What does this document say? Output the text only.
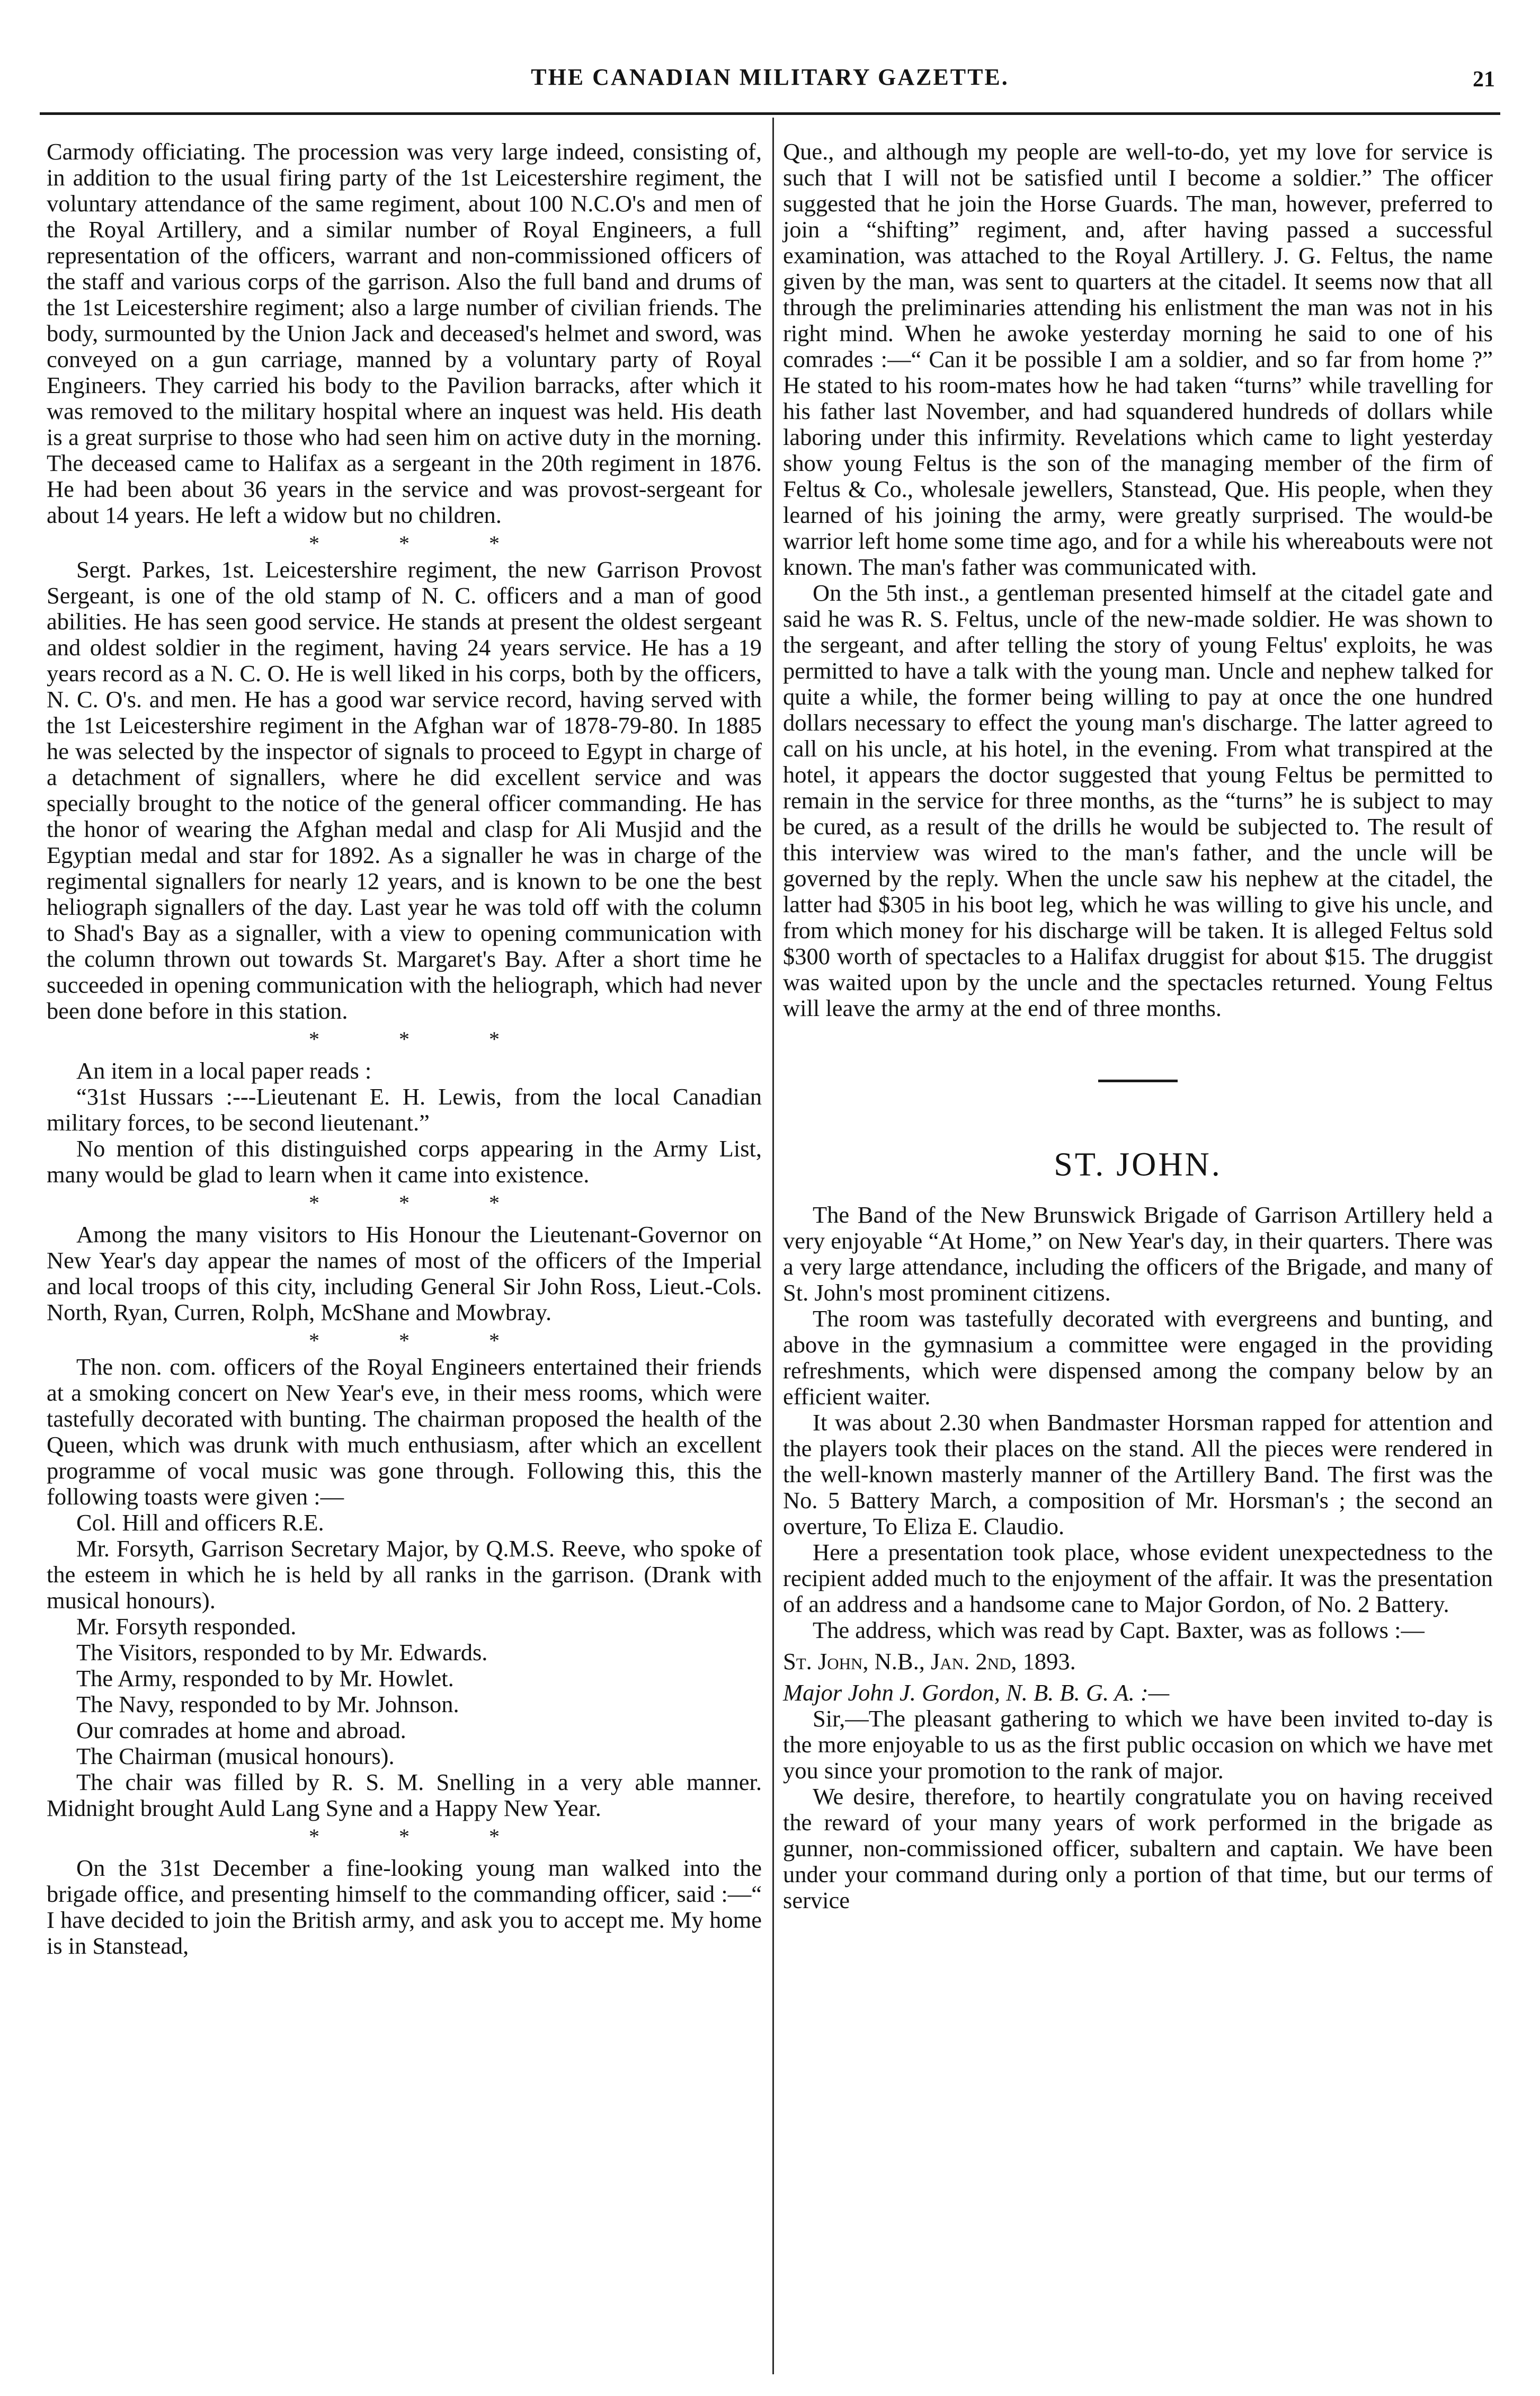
THE CANADIAN MILITARY GAZETTE.	21

Carmody officiating. The procession was very large indeed, consisting of, in addition to the usual firing party of the 1st Leicestershire regiment, the voluntary attendance of the same regiment, about 100 N.C.O's and men of the Royal Artillery, and a similar number of Royal Engineers, a full representation of the officers, warrant and non-commissioned officers of the staff and various corps of the garrison. Also the full band and drums of the 1st Leicestershire regiment; also a large number of civilian friends. The body, surmounted by the Union Jack and deceased's helmet and sword, was conveyed on a gun carriage, manned by a voluntary party of Royal Engineers. They carried his body to the Pavilion barracks, after which it was removed to the military hospital where an inquest was held. His death is a great surprise to those who had seen him on active duty in the morning. The deceased came to Halifax as a sergeant in the 20th regiment in 1876. He had been about 36 years in the service and was provost-sergeant for about 14 years. He left a widow but no children.

* * *

Sergt. Parkes, 1st. Leicestershire regiment, the new Garrison Provost Sergeant, is one of the old stamp of N. C. officers and a man of good abilities. He has seen good service. He stands at present the oldest sergeant and oldest soldier in the regiment, having 24 years service. He has a 19 years record as a N. C. O. He is well liked in his corps, both by the officers, N. C. O's. and men. He has a good war service record, having served with the 1st Leicestershire regiment in the Afghan war of 1878-79-80. In 1885 he was selected by the inspector of signals to proceed to Egypt in charge of a detachment of signallers, where he did excellent service and was specially brought to the notice of the general officer commanding. He has the honor of wearing the Afghan medal and clasp for Ali Musjid and the Egyptian medal and star for 1892. As a signaller he was in charge of the regimental signallers for nearly 12 years, and is known to be one the best heliograph signallers of the day. Last year he was told off with the column to Shad's Bay as a signaller, with a view to opening communication with the column thrown out towards St. Margaret's Bay. After a short time he succeeded in opening communication with the heliograph, which had never been done before in this station.

* * *

An item in a local paper reads :

“31st Hussars :---Lieutenant E. H. Lewis, from the local Canadian military forces, to be second lieutenant.”

No mention of this distinguished corps appearing in the Army List, many would be glad to learn when it came into existence.

* * *

Among the many visitors to His Honour the Lieutenant-Governor on New Year's day appear the names of most of the officers of the Imperial and local troops of this city, including General Sir John Ross, Lieut.-Cols. North, Ryan, Curren, Rolph, McShane and Mowbray.

* * *

The non. com. officers of the Royal Engineers entertained their friends at a smoking concert on New Year's eve, in their mess rooms, which were tastefully decorated with bunting. The chairman proposed the health of the Queen, which was drunk with much enthusiasm, after which an excellent programme of vocal music was gone through. Following this, this the following toasts were given :—

Col. Hill and officers R.E.

Mr. Forsyth, Garrison Secretary Major, by Q.M.S. Reeve, who spoke of the esteem in which he is held by all ranks in the garrison. (Drank with musical honours).

Mr. Forsyth responded.

The Visitors, responded to by Mr. Edwards.

The Army, responded to by Mr. Howlet.

The Navy, responded to by Mr. Johnson.

Our comrades at home and abroad.

The Chairman (musical honours).

The chair was filled by R. S. M. Snelling in a very able manner. Midnight brought Auld Lang Syne and a Happy New Year.

* * *

On the 31st December a fine-looking young man walked into the brigade office, and presenting himself to the commanding officer, said :—“ I have decided to join the British army, and ask you to accept me. My home is in Stanstead,

Que., and although my people are well-to-do, yet my love for service is such that I will not be satisfied until I become a soldier.” The officer suggested that he join the Horse Guards. The man, however, preferred to join a “shifting” regiment, and, after having passed a successful examination, was attached to the Royal Artillery. J. G. Feltus, the name given by the man, was sent to quarters at the citadel. It seems now that all through the preliminaries attending his enlistment the man was not in his right mind. When he awoke yesterday morning he said to one of his comrades :—“ Can it be possible I am a soldier, and so far from home ?” He stated to his room-mates how he had taken “turns” while travelling for his father last November, and had squandered hundreds of dollars while laboring under this infirmity. Revelations which came to light yesterday show young Feltus is the son of the managing member of the firm of Feltus & Co., wholesale jewellers, Stanstead, Que. His people, when they learned of his joining the army, were greatly surprised. The would-be warrior left home some time ago, and for a while his whereabouts were not known. The man's father was communicated with.

On the 5th inst., a gentleman presented himself at the citadel gate and said he was R. S. Feltus, uncle of the new-made soldier. He was shown to the sergeant, and after telling the story of young Feltus' exploits, he was permitted to have a talk with the young man. Uncle and nephew talked for quite a while, the former being willing to pay at once the one hundred dollars necessary to effect the young man's discharge. The latter agreed to call on his uncle, at his hotel, in the evening. From what transpired at the hotel, it appears the doctor suggested that young Feltus be permitted to remain in the service for three months, as the “turns” he is subject to may be cured, as a result of the drills he would be subjected to. The result of this interview was wired to the man's father, and the uncle will be governed by the reply. When the uncle saw his nephew at the citadel, the latter had $305 in his boot leg, which he was willing to give his uncle, and from which money for his discharge will be taken. It is alleged Feltus sold $300 worth of spectacles to a Halifax druggist for about $15. The druggist was waited upon by the uncle and the spectacles returned. Young Feltus will leave the army at the end of three months.

ST. JOHN.

The Band of the New Brunswick Brigade of Garrison Artillery held a very enjoyable “At Home,” on New Year's day, in their quarters. There was a very large attendance, including the officers of the Brigade, and many of St. John's most prominent citizens.

The room was tastefully decorated with evergreens and bunting, and above in the gymnasium a committee were engaged in the providing refreshments, which were dispensed among the company below by an efficient waiter.

It was about 2.30 when Bandmaster Horsman rapped for attention and the players took their places on the stand. All the pieces were rendered in the well-known masterly manner of the Artillery Band. The first was the No. 5 Battery March, a composition of Mr. Horsman's ; the second an overture, To Eliza E. Claudio.

Here a presentation took place, whose evident unexpectedness to the recipient added much to the enjoyment of the affair. It was the presentation of an address and a handsome cane to Major Gordon, of No. 2 Battery.

The address, which was read by Capt. Baxter, was as follows :—

St. John, N.B., Jan. 2nd, 1893.

Major John J. Gordon, N. B. B. G. A. :—

Sir,—The pleasant gathering to which we have been invited to-day is the more enjoyable to us as the first public occasion on which we have met you since your promotion to the rank of major.

We desire, therefore, to heartily congratulate you on having received the reward of your many years of work performed in the brigade as gunner, non-commissioned officer, subaltern and captain. We have been under your command during only a portion of that time, but our terms of service
